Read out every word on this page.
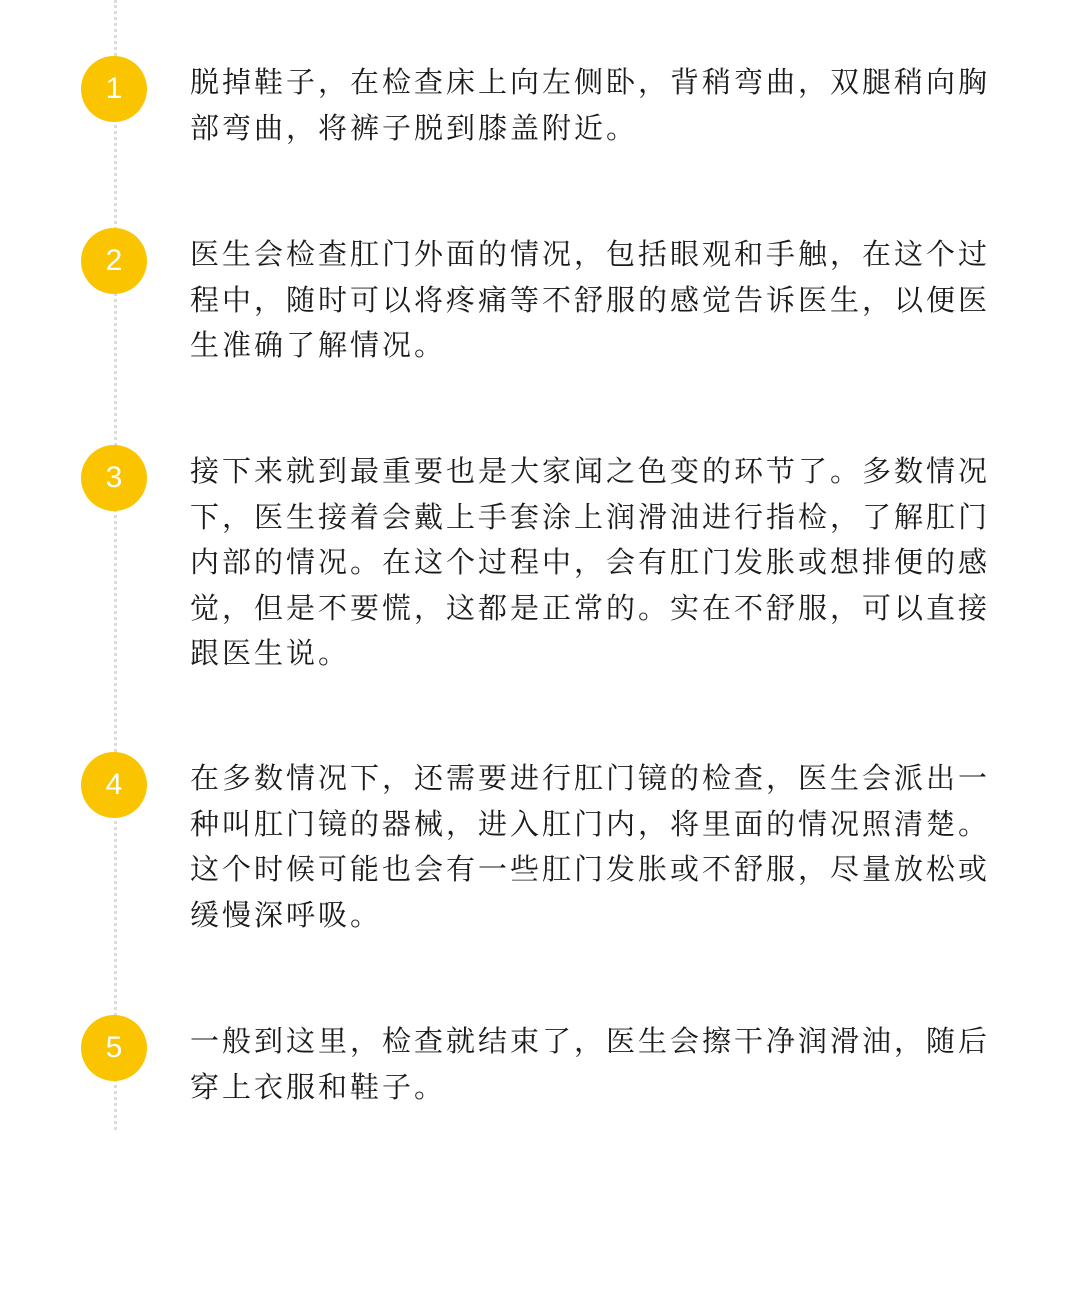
1	脱掉鞋子，在检查床上向左侧卧，背稍弯曲，双腿稍向胸部弯曲，将裤子脱到膝盖附近。

2	医生会检查肛门外面的情况，包括眼观和手触，在这个过程中，随时可以将疼痛等不舒服的感觉告诉医生，以便医生准确了解情况。

3	接下来就到最重要也是大家闻之色变的环节了。多数情况下，医生接着会戴上手套涂上润滑油进行指检，了解肛门内部的情况。在这个过程中，会有肛门发胀或想排便的感觉，但是不要慌，这都是正常的。实在不舒服，可以直接跟医生说。

4	在多数情况下，还需要进行肛门镜的检查，医生会派出一种叫肛门镜的器械，进入肛门内，将里面的情况照清楚。这个时候可能也会有一些肛门发胀或不舒服，尽量放松或缓慢深呼吸。

5	一般到这里，检查就结束了，医生会擦干净润滑油，随后穿上衣服和鞋子。
